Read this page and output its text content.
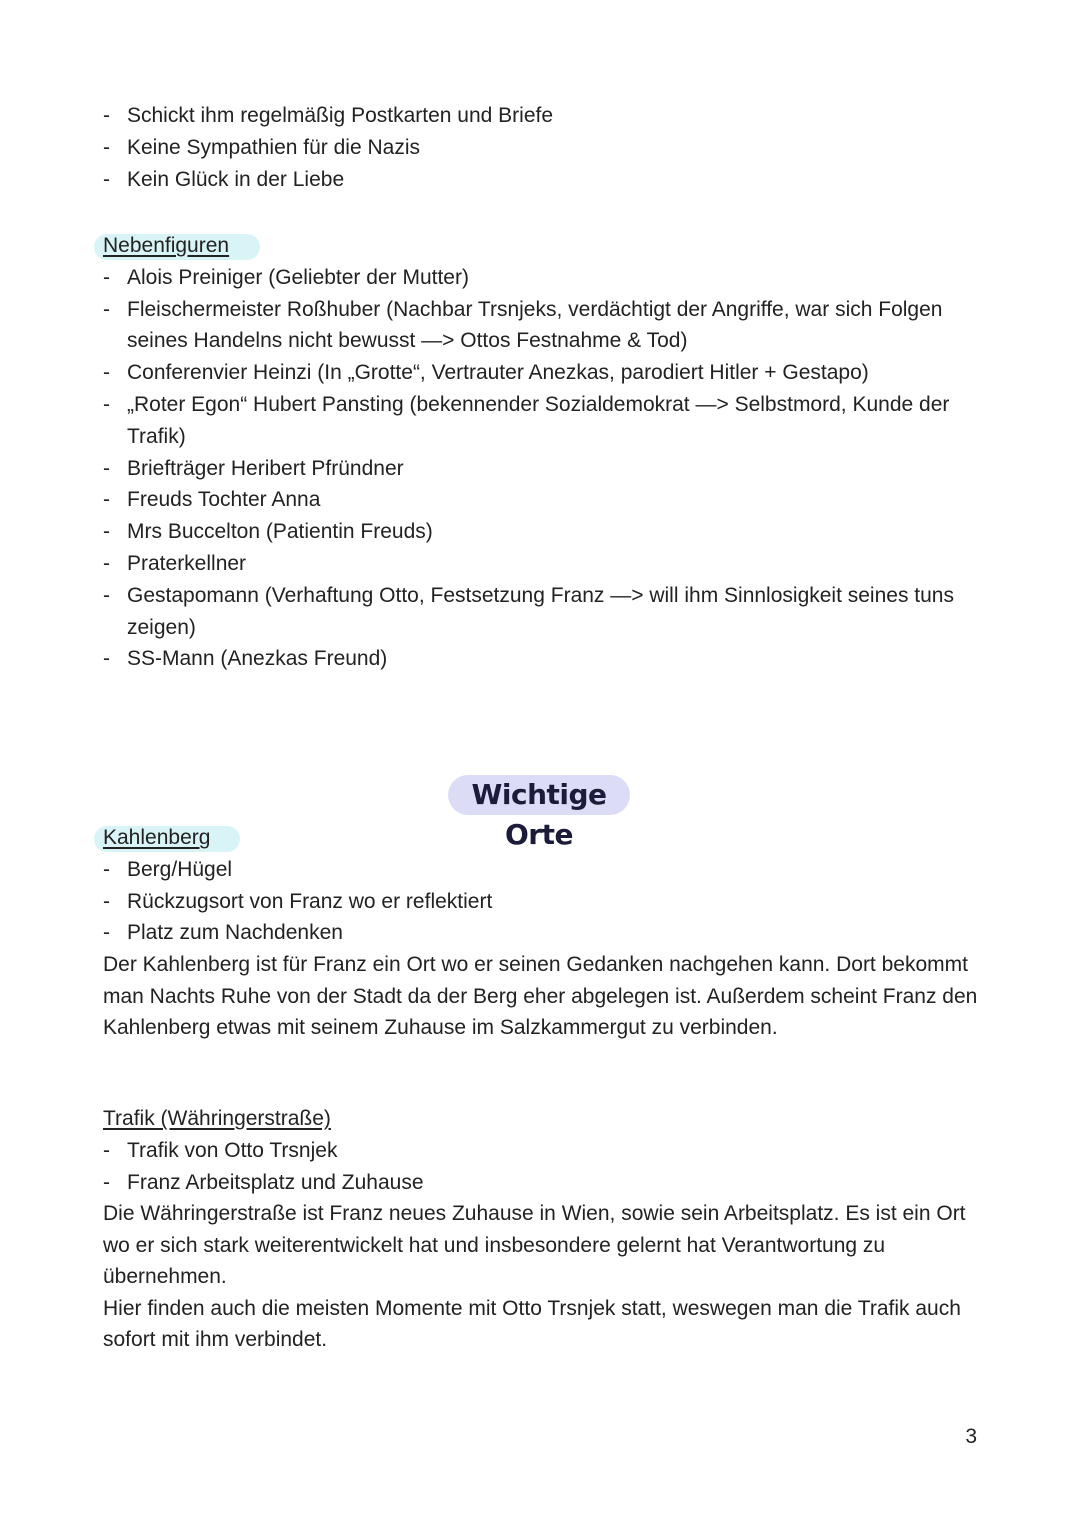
- Schickt ihm regelmäßig Postkarten und Briefe
- Keine Sympathien für die Nazis
- Kein Glück in der Liebe
Nebenfiguren
- Alois Preiniger (Geliebter der Mutter)
- Fleischermeister Roßhuber (Nachbar Trsnjeks, verdächtigt der Angriffe, war sich Folgen seines Handelns nicht bewusst —> Ottos Festnahme & Tod)
- Conferenvier Heinzi (In „Grotte“, Vertrauter Anezkas, parodiert Hitler + Gestapo)
- „Roter Egon“ Hubert Pansting (bekennender Sozialdemokrat —> Selbstmord, Kunde der Trafik)
- Briefträger Heribert Pfründner
- Freuds Tochter Anna
- Mrs Buccelton (Patientin Freuds)
- Praterkellner
- Gestapomann (Verhaftung Otto, Festsetzung Franz —> will ihm Sinnlosigkeit seines tuns zeigen)
- SS-Mann (Anezkas Freund)
Wichtige Orte
Kahlenberg
- Berg/Hügel
- Rückzugsort von Franz wo er reflektiert
- Platz zum Nachdenken

Der Kahlenberg ist für Franz ein Ort wo er seinen Gedanken nachgehen kann. Dort bekommt man Nachts Ruhe von der Stadt da der Berg eher abgelegen ist. Außerdem scheint Franz den Kahlenberg etwas mit seinem Zuhause im Salzkammergut zu verbinden.

Trafik (Währingerstraße)
- Trafik von Otto Trsnjek
- Franz Arbeitsplatz und Zuhause

Die Währingerstraße ist Franz neues Zuhause in Wien, sowie sein Arbeitsplatz. Es ist ein Ort wo er sich stark weiterentwickelt hat und insbesondere gelernt hat Verantwortung zu übernehmen.

Hier finden auch die meisten Momente mit Otto Trsnjek statt, weswegen man die Trafik auch sofort mit ihm verbindet.

3
